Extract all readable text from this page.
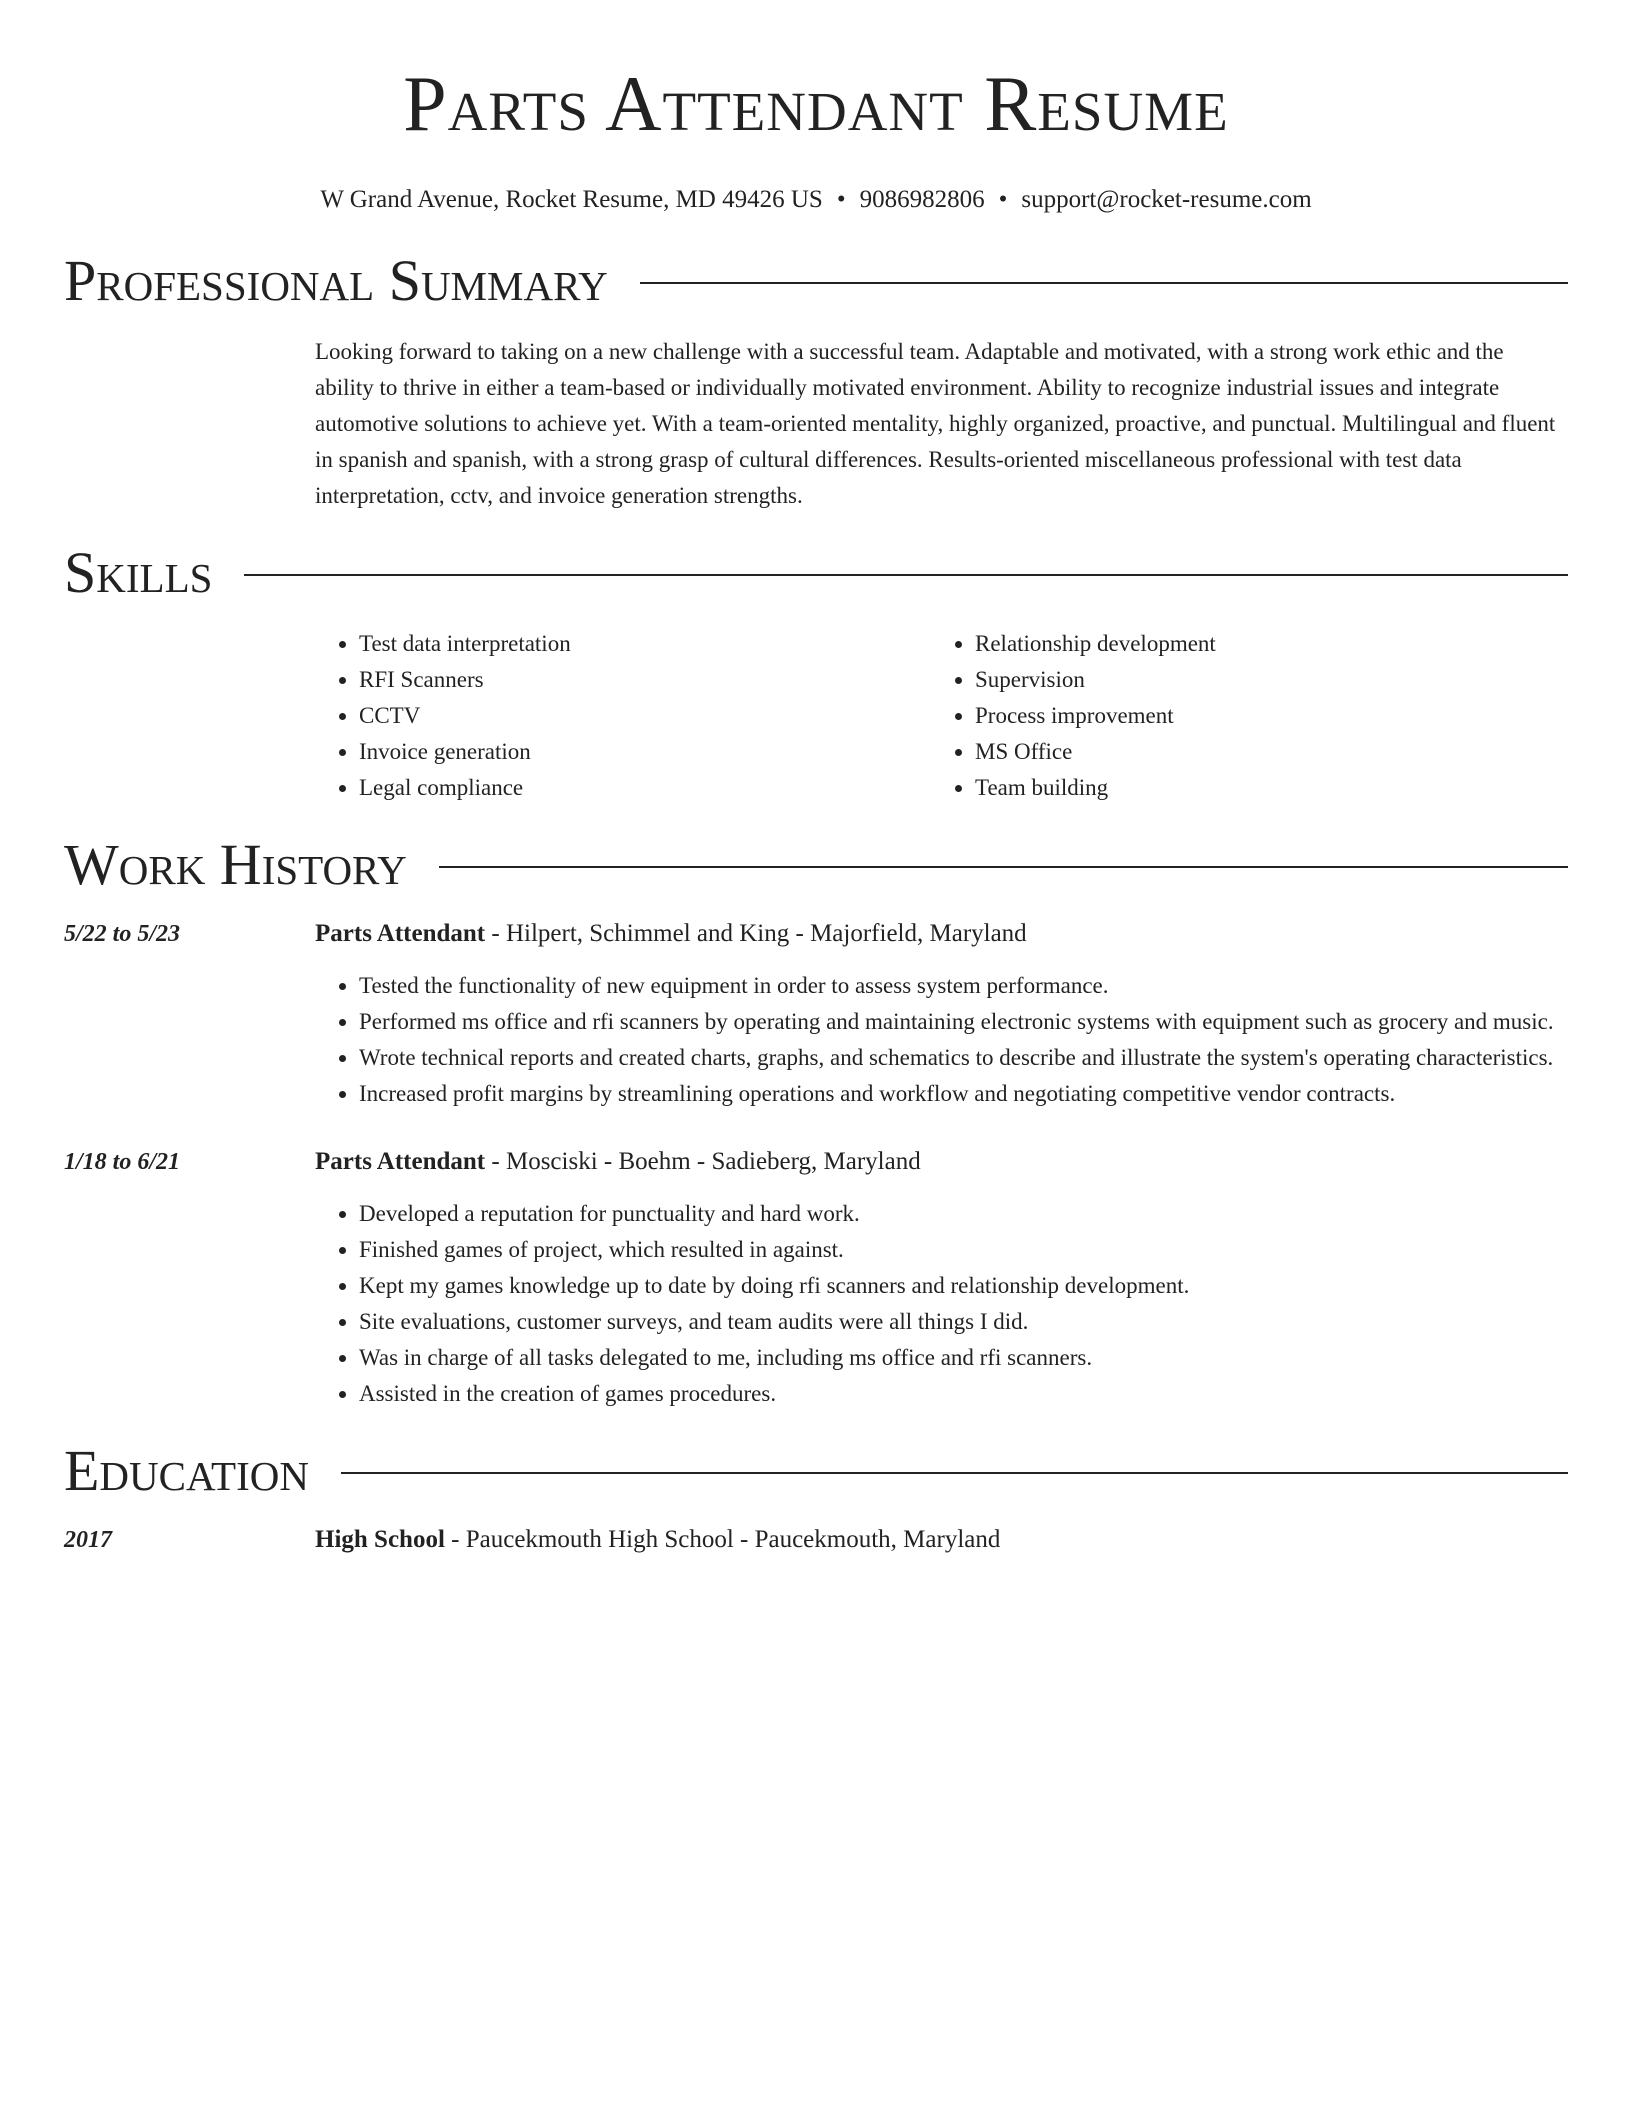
Parts Attendant Resume
W Grand Avenue, Rocket Resume, MD 49426 US • 9086982806 • support@rocket-resume.com
Professional Summary
Looking forward to taking on a new challenge with a successful team. Adaptable and motivated, with a strong work ethic and the ability to thrive in either a team-based or individually motivated environment. Ability to recognize industrial issues and integrate automotive solutions to achieve yet. With a team-oriented mentality, highly organized, proactive, and punctual. Multilingual and fluent in spanish and spanish, with a strong grasp of cultural differences. Results-oriented miscellaneous professional with test data interpretation, cctv, and invoice generation strengths.
Skills
• Test data interpretation
• RFI Scanners
• CCTV
• Invoice generation
• Legal compliance
• Relationship development
• Supervision
• Process improvement
• MS Office
• Team building
Work History
5/22 to 5/23	Parts Attendant - Hilpert, Schimmel and King - Majorfield, Maryland
• Tested the functionality of new equipment in order to assess system performance.
• Performed ms office and rfi scanners by operating and maintaining electronic systems with equipment such as grocery and music.
• Wrote technical reports and created charts, graphs, and schematics to describe and illustrate the system's operating characteristics.
• Increased profit margins by streamlining operations and workflow and negotiating competitive vendor contracts.
1/18 to 6/21	Parts Attendant - Mosciski - Boehm - Sadieberg, Maryland
• Developed a reputation for punctuality and hard work.
• Finished games of project, which resulted in against.
• Kept my games knowledge up to date by doing rfi scanners and relationship development.
• Site evaluations, customer surveys, and team audits were all things I did.
• Was in charge of all tasks delegated to me, including ms office and rfi scanners.
• Assisted in the creation of games procedures.
Education
2017	High School - Paucekmouth High School - Paucekmouth, Maryland
